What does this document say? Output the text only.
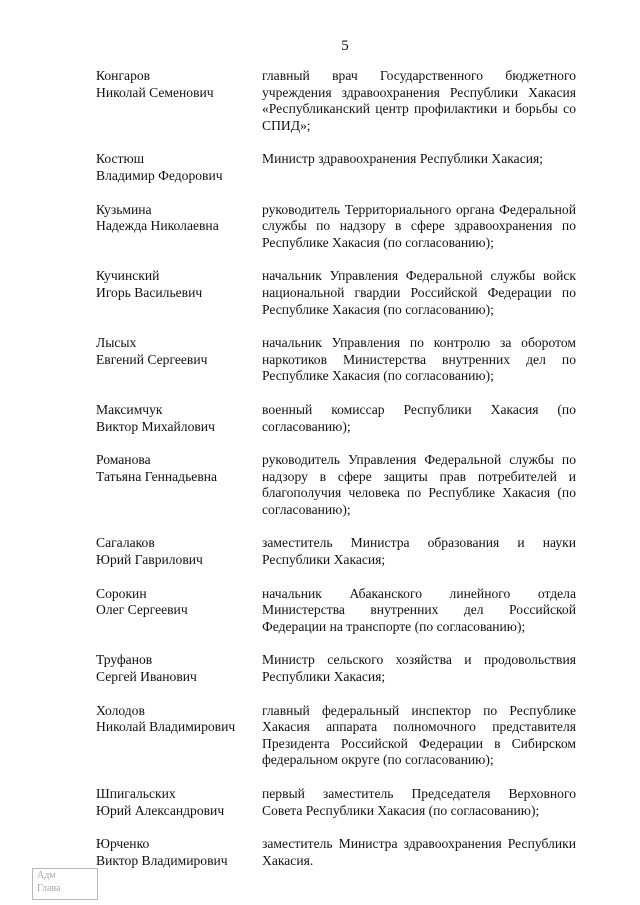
5
Конгаров
Николай Семенович
главный врач Государственного бюджетного учреждения здравоохранения Республики Хакасия «Республиканский центр профилактики и борьбы со СПИД»;
Костюш
Владимир Федорович
Министр здравоохранения Республики Хакасия;
Кузьмина
Надежда Николаевна
руководитель Территориального органа Федеральной службы по надзору в сфере здравоохранения по Республике Хакасия (по согласованию);
Кучинский
Игорь Васильевич
начальник Управления Федеральной службы войск национальной гвардии Российской Федерации по Республике Хакасия (по согласованию);
Лысых
Евгений Сергеевич
начальник Управления по контролю за оборотом наркотиков Министерства внутренних дел по Республике Хакасия (по согласованию);
Максимчук
Виктор Михайлович
военный комиссар Республики Хакасия (по согласованию);
Романова
Татьяна Геннадьевна
руководитель Управления Федеральной службы по надзору в сфере защиты прав потребителей и благополучия человека по Республике Хакасия (по согласованию);
Сагалаков
Юрий Гаврилович
заместитель Министра образования и науки Республики Хакасия;
Сорокин
Олег Сергеевич
начальник Абаканского линейного отдела Министерства внутренних дел Российской Федерации на транспорте (по согласованию);
Труфанов
Сергей Иванович
Министр сельского хозяйства и продовольствия Республики Хакасия;
Холодов
Николай Владимирович
главный федеральный инспектор по Республике Хакасия аппарата полномочного представителя Президента Российской Федерации в Сибирском федеральном округе (по согласованию);
Шпигальских
Юрий Александрович
первый заместитель Председателя Верховного Совета Республики Хакасия (по согласованию);
Юрченко
Виктор Владимирович
заместитель Министра здравоохранения Республики Хакасия.
Адм
Глава
